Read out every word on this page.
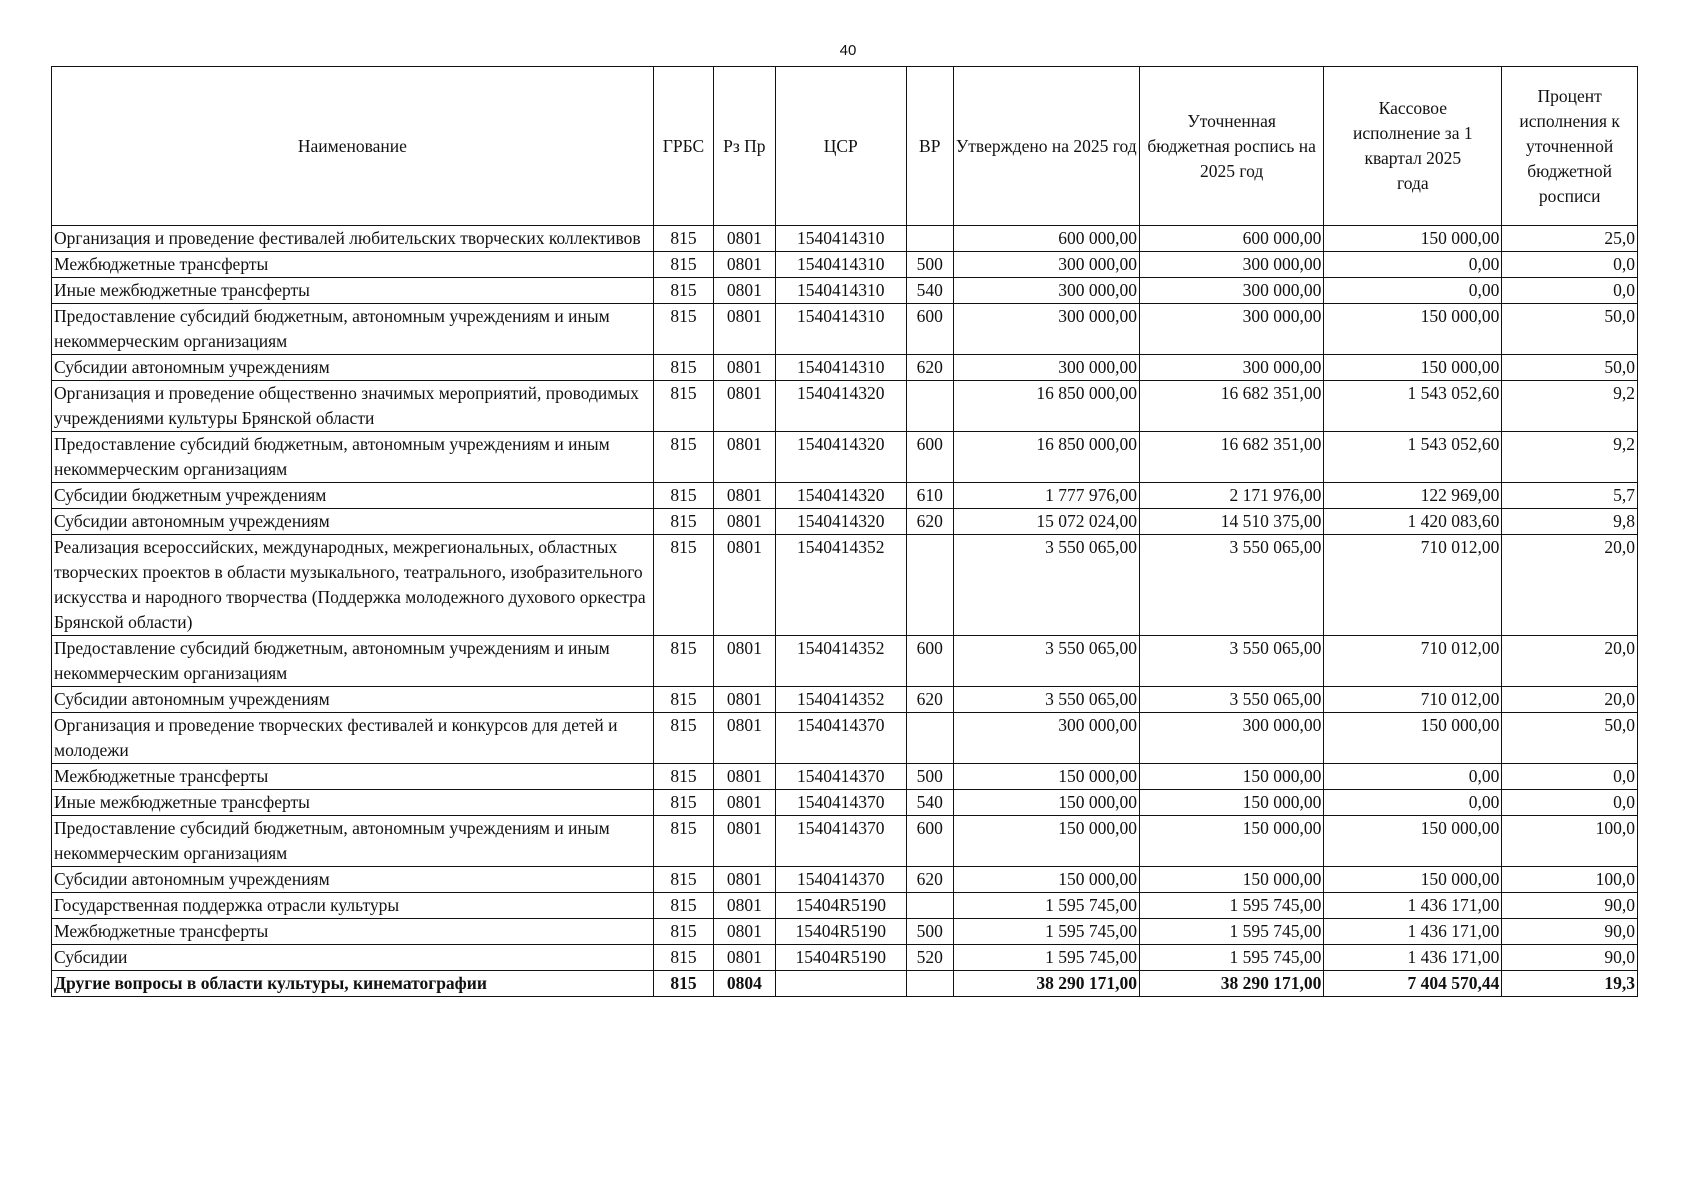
40
Наименование	ГРБС	Рз Пр	ЦСР	ВР	Утверждено на 2025 год	Уточненная бюджетная роспись на 2025 год	Кассовое исполнение за 1 квартал 2025 года	Процент исполнения к уточненной бюджетной росписи
Организация и проведение фестивалей любительских творческих коллективов	815	0801	1540414310		600 000,00	600 000,00	150 000,00	25,0
Межбюджетные трансферты	815	0801	1540414310	500	300 000,00	300 000,00	0,00	0,0
Иные межбюджетные трансферты	815	0801	1540414310	540	300 000,00	300 000,00	0,00	0,0
Предоставление субсидий бюджетным, автономным учреждениям и иным некоммерческим организациям	815	0801	1540414310	600	300 000,00	300 000,00	150 000,00	50,0
Субсидии автономным учреждениям	815	0801	1540414310	620	300 000,00	300 000,00	150 000,00	50,0
Организация и проведение общественно значимых мероприятий, проводимых учреждениями культуры Брянской области	815	0801	1540414320		16 850 000,00	16 682 351,00	1 543 052,60	9,2
Предоставление субсидий бюджетным, автономным учреждениям и иным некоммерческим организациям	815	0801	1540414320	600	16 850 000,00	16 682 351,00	1 543 052,60	9,2
Субсидии бюджетным учреждениям	815	0801	1540414320	610	1 777 976,00	2 171 976,00	122 969,00	5,7
Субсидии автономным учреждениям	815	0801	1540414320	620	15 072 024,00	14 510 375,00	1 420 083,60	9,8
Реализация всероссийских, международных, межрегиональных, областных творческих проектов в области музыкального, театрального, изобразительного искусства и народного творчества (Поддержка молодежного духового оркестра Брянской области)	815	0801	1540414352		3 550 065,00	3 550 065,00	710 012,00	20,0
Предоставление субсидий бюджетным, автономным учреждениям и иным некоммерческим организациям	815	0801	1540414352	600	3 550 065,00	3 550 065,00	710 012,00	20,0
Субсидии автономным учреждениям	815	0801	1540414352	620	3 550 065,00	3 550 065,00	710 012,00	20,0
Организация и проведение творческих фестивалей и конкурсов для детей и молодежи	815	0801	1540414370		300 000,00	300 000,00	150 000,00	50,0
Межбюджетные трансферты	815	0801	1540414370	500	150 000,00	150 000,00	0,00	0,0
Иные межбюджетные трансферты	815	0801	1540414370	540	150 000,00	150 000,00	0,00	0,0
Предоставление субсидий бюджетным, автономным учреждениям и иным некоммерческим организациям	815	0801	1540414370	600	150 000,00	150 000,00	150 000,00	100,0
Субсидии автономным учреждениям	815	0801	1540414370	620	150 000,00	150 000,00	150 000,00	100,0
Государственная поддержка отрасли культуры	815	0801	15404R5190		1 595 745,00	1 595 745,00	1 436 171,00	90,0
Межбюджетные трансферты	815	0801	15404R5190	500	1 595 745,00	1 595 745,00	1 436 171,00	90,0
Субсидии	815	0801	15404R5190	520	1 595 745,00	1 595 745,00	1 436 171,00	90,0
Другие вопросы в области культуры, кинематографии	815	0804			38 290 171,00	38 290 171,00	7 404 570,44	19,3
